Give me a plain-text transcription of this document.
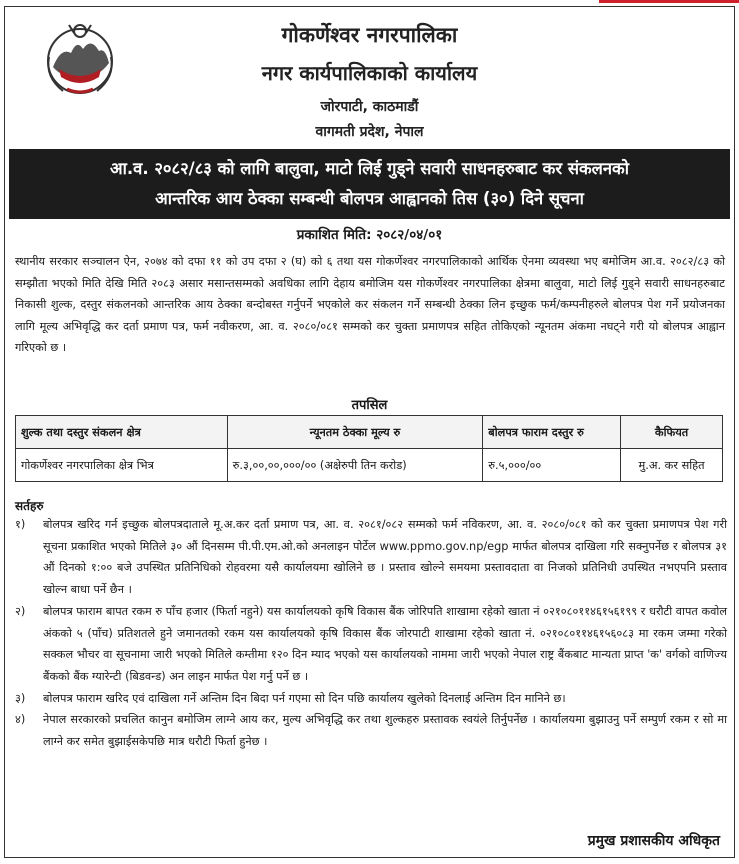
गोकर्णेश्वर नगरपालिका
नगर कार्यपालिकाको कार्यालय
जोरपाटी, काठमाडौं
वागमती प्रदेश, नेपाल
आ.व. २०८२/८३ को लागि बालुवा, माटो लिई गुड्ने सवारी साधनहरुबाट कर संकलनको
आन्तरिक आय ठेक्का सम्बन्धी बोलपत्र आह्वानको तिस (३०) दिने सूचना
प्रकाशित मिति: २०८२/०४/०१

स्थानीय सरकार सञ्चालन ऐन, २०७४ को दफा ११ को उप दफा २ (घ) को ६ तथा यस गोकर्णेश्वर नगरपालिकाको आर्थिक ऐनमा व्यवस्था भए बमोजिम आ.व. २०८२/८३ को सम्झौता भएको मिति देखि मिति २०८३ असार मसान्तसम्मको अवधिका लागि देहाय बमोजिम यस गोकर्णेश्वर नगरपालिका क्षेत्रमा बालुवा, माटो लिई गुड्ने सवारी साधनहरुबाट निकासी शुल्क, दस्तुर संकलनको आन्तरिक आय ठेक्का बन्दोबस्त गर्नुपर्ने भएकोले कर संकलन गर्ने सम्बन्धी ठेक्का लिन इच्छुक फर्म/कम्पनीहरुले बोलपत्र पेश गर्ने प्रयोजनका लागि मूल्य अभिवृद्धि कर दर्ता प्रमाण पत्र, फर्म नवीकरण, आ. व. २०८०/०८१ सम्मको कर चुक्ता प्रमाणपत्र सहित तोकिएको न्यूनतम अंकमा नघट्ने गरी यो बोलपत्र आह्वान गरिएको छ ।

तपसिल
शुल्क तथा दस्तुर संकलन क्षेत्र	न्यूनतम ठेक्का मूल्य रु	बोलपत्र फाराम दस्तुर रु	कैफियत
गोकर्णेश्वर नगरपालिका क्षेत्र भित्र	रु.३,००,००,०००/०० (अक्षेरुपी तिन करोड)	रु.५,०००/००	मु.अ. कर सहित
सर्तहरु
१) बोलपत्र खरिद गर्न इच्छुक बोलपत्रदाताले मू.अ.कर दर्ता प्रमाण पत्र, आ. व. २०८१/०८२ सम्मको फर्म नविकरण, आ. व. २०८०/०८१ को कर चुक्ता प्रमाणपत्र पेश गरी सूचना प्रकाशित भएको मितिले ३० औं दिनसम्म पी.पी.एम.ओ.को अनलाइन पोर्टेल www.ppmo.gov.np/egp मार्फत बोलपत्र दाखिला गरि सक्नुपर्नेछ र बोलपत्र ३१ औं दिनको १:०० बजे उपस्थित प्रतिनिधिको रोहवरमा यसै कार्यालयमा खोलिने छ । प्रस्ताव खोल्ने समयमा प्रस्तावदाता वा निजको प्रतिनिधी उपस्थित नभएपनि प्रस्ताव खोल्न बाधा पर्ने छैन ।
२) बोलपत्र फाराम बापत रकम रु पाँच हजार (फिर्ता नहुने) यस कार्यालयको कृषि विकास बैंक जोरिपति शाखामा रहेको खाता नं ०२१०८०११४६१५६१९९ र धरौटी वापत कवोल अंकको ५ (पाँच) प्रतिशतले हुने जमानतको रकम यस कार्यालयको कृषि विकास बैंक जोरपाटी शाखामा रहेको खाता नं. ०२१०८०११४६१५६०८३ मा रकम जम्मा गरेको सक्कल भौचर वा सूचनामा जारी भएको मितिले कम्तीमा १२० दिन म्याद भएको यस कार्यालयको नाममा जारी भएको नेपाल राष्ट्र बैंकबाट मान्यता प्राप्त 'क' वर्गको वाणिज्य बैंकको बैंक ग्यारेन्टी (बिडवन्ड) अन लाइन मार्फत पेश गर्नु पर्ने छ ।
३) बोलपत्र फाराम खरिद एवं दाखिला गर्ने अन्तिम दिन बिदा पर्न गएमा सो दिन पछि कार्यालय खुलेको दिनलाई अन्तिम दिन मानिने छ।
४) नेपाल सरकारको प्रचलित कानुन बमोजिम लाग्ने आय कर, मुल्य अभिवृद्धि कर तथा शुल्कहरु प्रस्तावक स्वयंले तिर्नुपर्नेछ । कार्यालयमा बुझाउनु पर्ने सम्पुर्ण रकम र सो मा लाग्ने कर समेत बुझाईसकेपछि मात्र धरौटी फिर्ता हुनेछ ।
प्रमुख प्रशासकीय अधिकृत
